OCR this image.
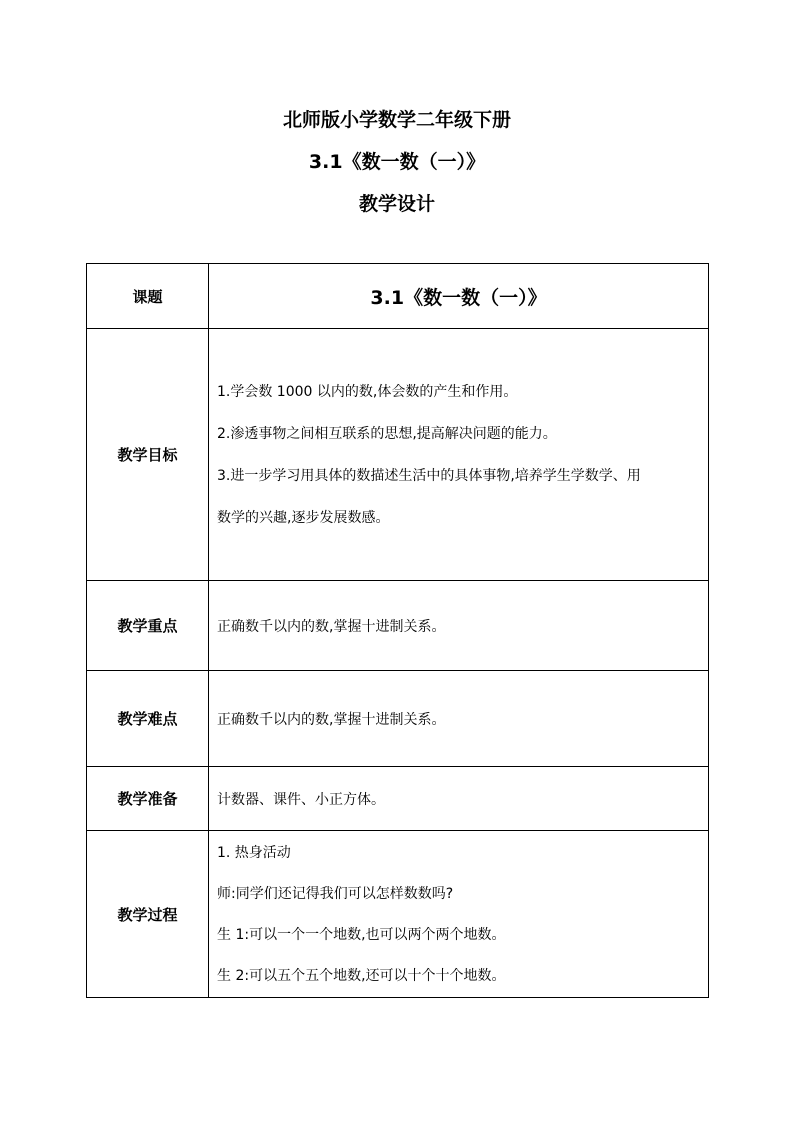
北师版小学数学二年级下册
3.1《数一数（一）》
教学设计
课题	3.1《数一数（一）》
教学目标	1.学会数 1000 以内的数,体会数的产生和作用。

2.渗透事物之间相互联系的思想,提高解决问题的能力。

3.进一步学习用具体的数描述生活中的具体事物,培养学生学数学、用

数学的兴趣,逐步发展数感。

教学重点	正确数千以内的数,掌握十进制关系。
教学难点	正确数千以内的数,掌握十进制关系。
教学准备	计数器、课件、小正方体。
教学过程	1. 热身活动

师:同学们还记得我们可以怎样数数吗?

生 1:可以一个一个地数,也可以两个两个地数。

生 2:可以五个五个地数,还可以十个十个地数。
